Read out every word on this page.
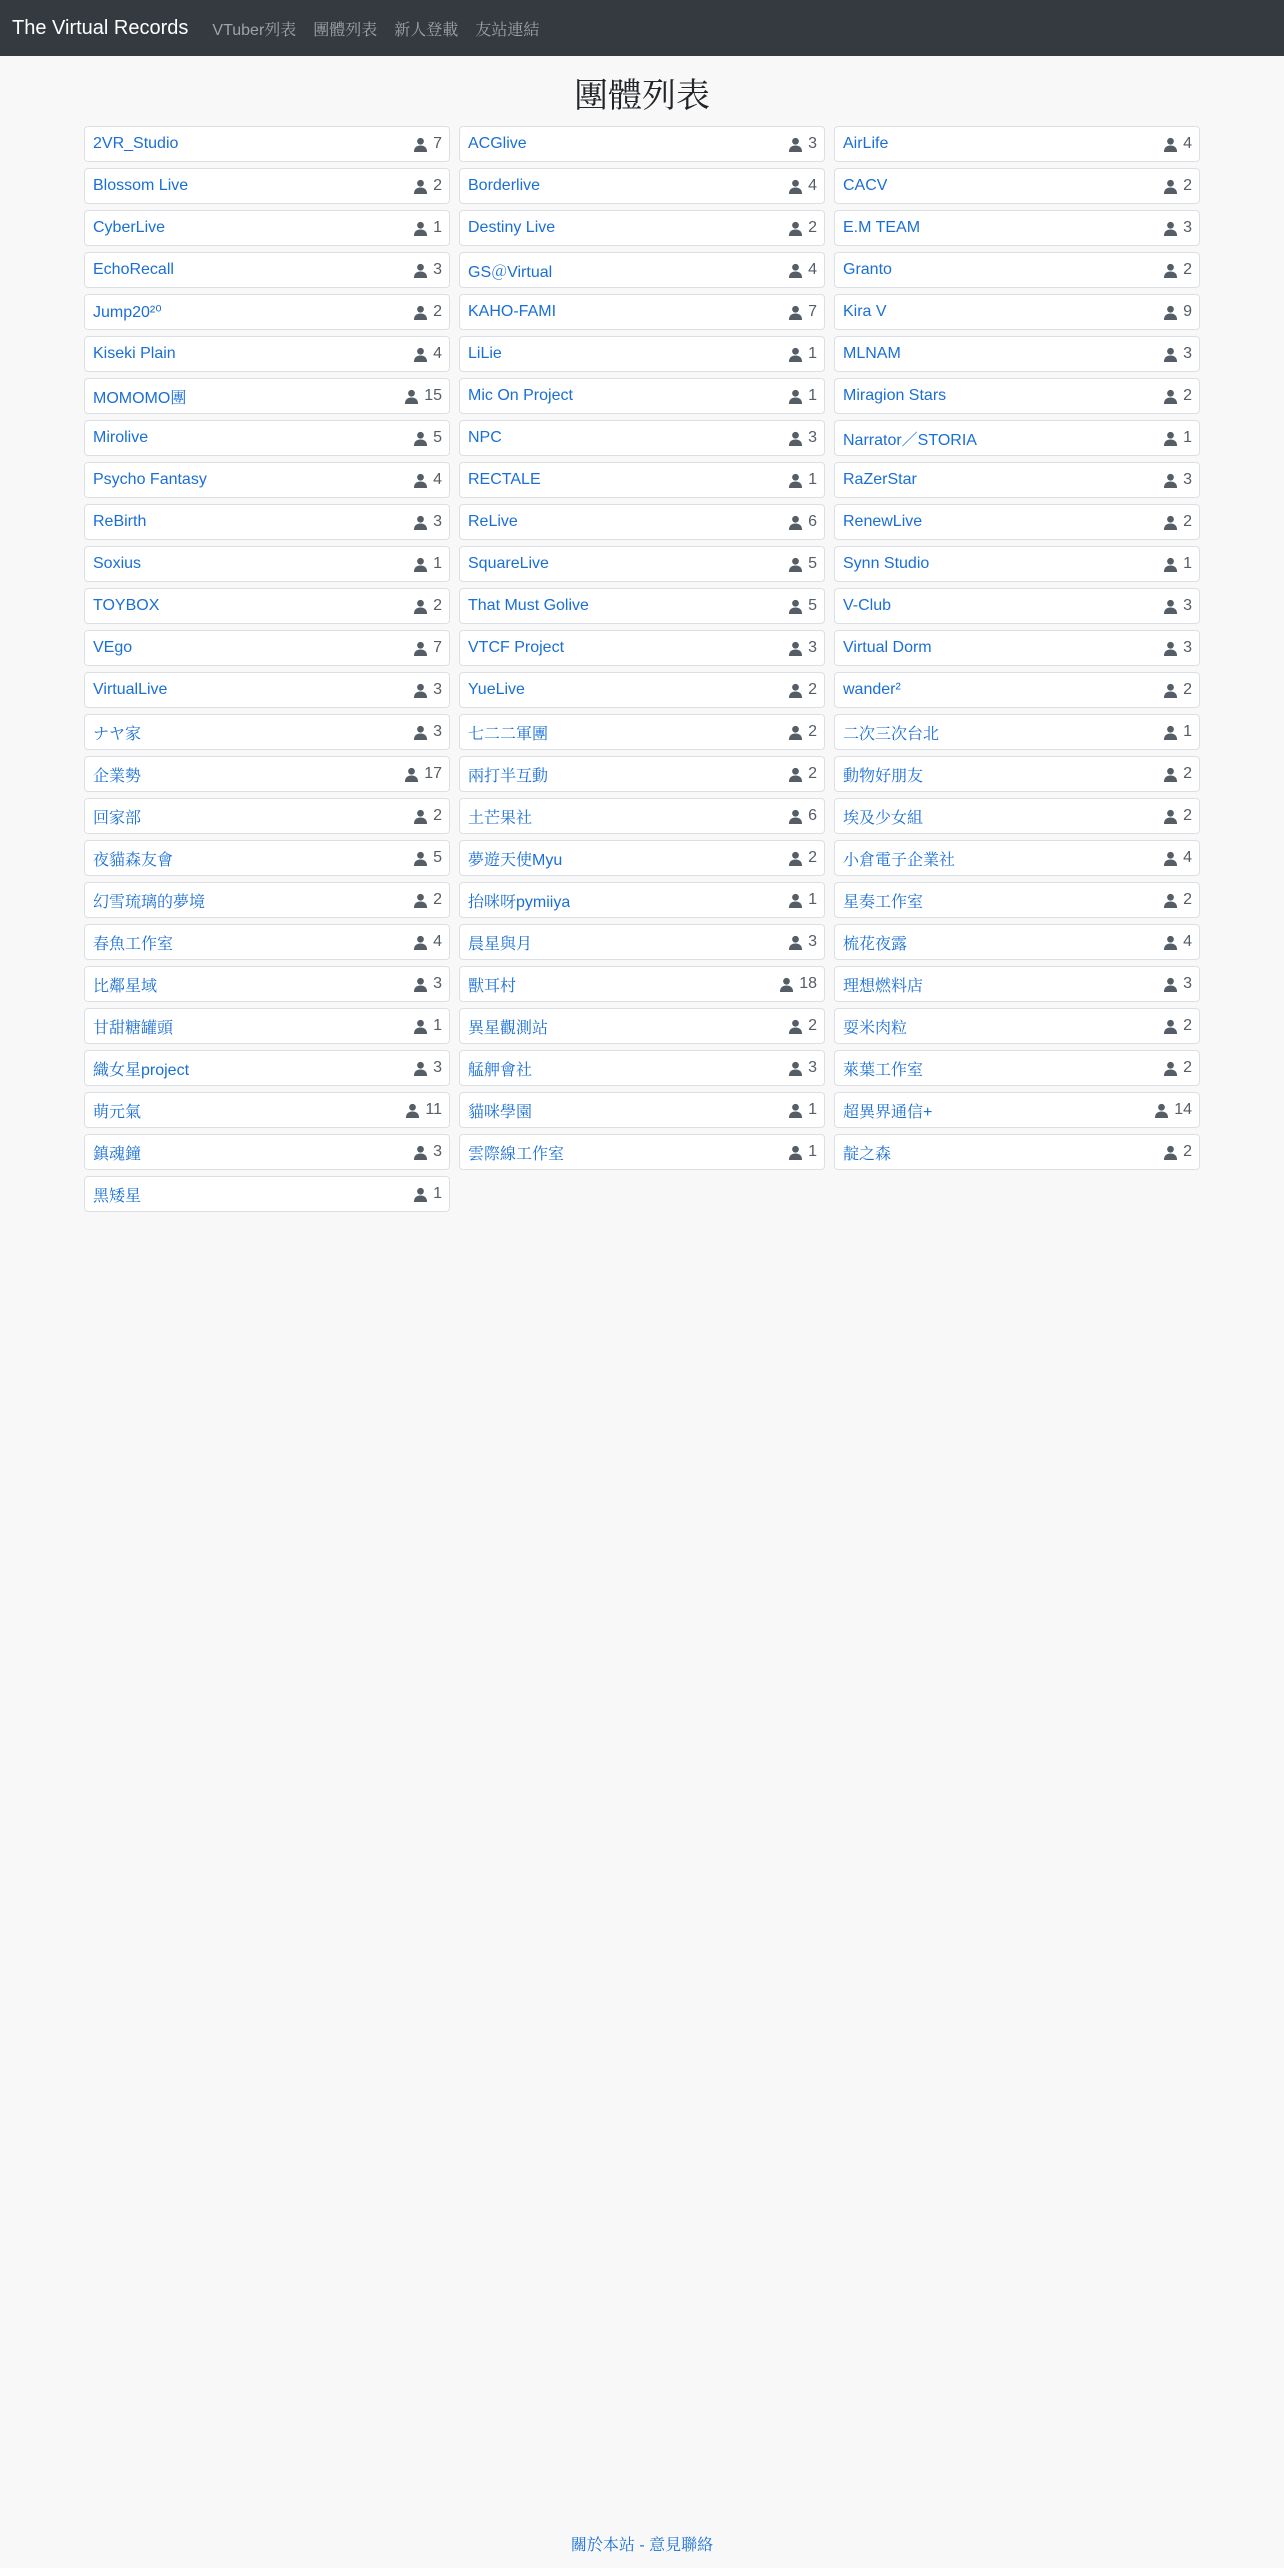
The Virtual Records VTuber列表 團體列表 新人登載 友站連結
團體列表
2VR_Studio	7 ACGlive	3 AirLife	4
Blossom Live	2 Borderlive	4 CACV	2
CyberLive	1 Destiny Live	2 E.M TEAM	3
EchoRecall	3 GS＠Virtual	4 Granto	2
Jump20²⁰	2 KAHO-FAMI	7 Kira V	9
Kiseki Plain	4 LiLie	1 MLNAM	3
MOMOMO團	15 Mic On Project	1 Miragion Stars	2
Mirolive	5 NPC	3 Narrator／STORIA	1
Psycho Fantasy	4 RECTALE	1 RaZerStar	3
ReBirth	3 ReLive	6 RenewLive	2
Soxius	1 SquareLive	5 Synn Studio	1
TOYBOX	2 That Must Golive	5 V-Club	3
VEgo	7 VTCF Project	3 Virtual Dorm	3
VirtualLive	3 YueLive	2 wander²	2
ナヤ家	3 七二二軍團	2 二次三次台北	1
企業勢	17 兩打半互動	2 動物好朋友	2
回家部	2 土芒果社	6 埃及少女組	2
夜貓森友會	5 夢遊天使Myu	2 小倉電子企業社	4
幻雪琉璃的夢境	2 抬咪呀pymiiya	1 星奏工作室	2
春魚工作室	4 晨星與月	3 梳花夜露	4
比鄰星域	3 獸耳村	18 理想燃料店	3
甘甜糖罐頭	1 異星觀測站	2 耍米肉粒	2
織女星project	3 艋舺會社	3 萊葉工作室	2
萌元氣	11 貓咪學園	1 超異界通信+	14
鎮魂鐘	3 雲際線工作室	1 靛之森	2
黑矮星	1
關於本站 - 意見聯絡
